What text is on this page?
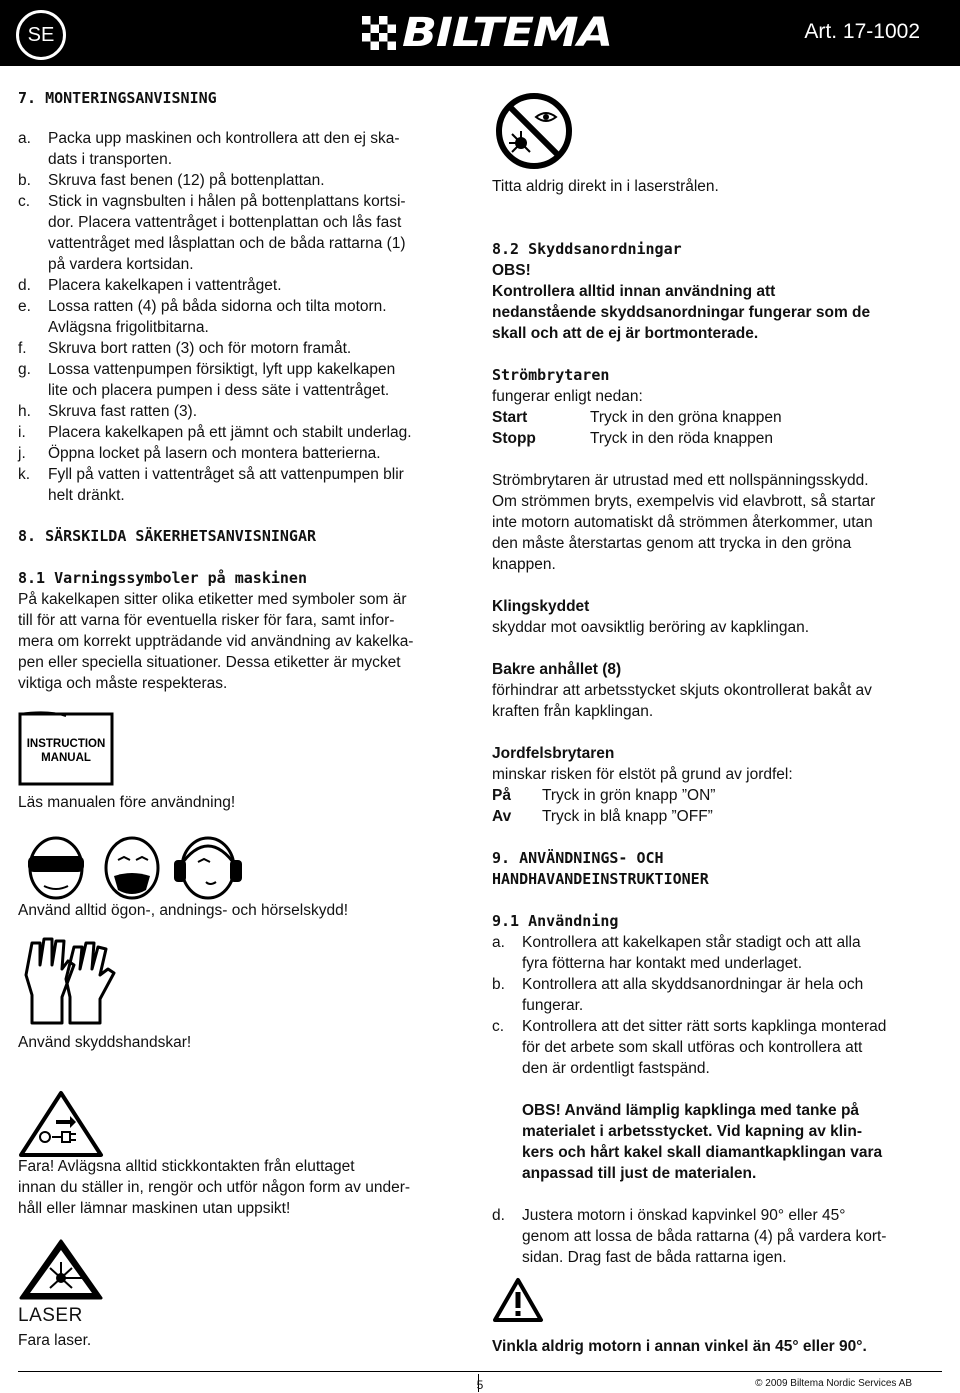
SE	BILTEMA	Art. 17-1002
7. MONTERINGSANVISNING
a.	Packa upp maskinen och kontrollera att den ej ska-
dats i transporten.
b.	Skruva fast benen (12) på bottenplattan.
c.	Stick in vagnsbulten i hålen på bottenplattans kortsi-
dor. Placera vattentråget i bottenplattan och lås fast
vattentråget med låsplattan och de båda rattarna (1)
på vardera kortsidan.
d.	Placera kakelkapen i vattentråget.
e.	Lossa ratten (4) på båda sidorna och tilta motorn.
Avlägsna frigolitbitarna.
f.	Skruva bort ratten (3) och för motorn framåt.
g.	Lossa vattenpumpen försiktigt, lyft upp kakelkapen
lite och placera pumpen i dess säte i vattentråget.
h.	Skruva fast ratten (3).
i.	Placera kakelkapen på ett jämnt och stabilt underlag.
j.	Öppna locket på lasern och montera batterierna.
k.	Fyll på vatten i vattentråget så att vattenpumpen blir
helt dränkt.
8. SÄRSKILDA SÄKERHETSANVISNINGAR
8.1 Varningssymboler på maskinen
På kakelkapen sitter olika etiketter med symboler som är
till för att varna för eventuella risker för fara, samt infor-
mera om korrekt uppträdande vid användning av kakelka-
pen eller speciella situationer. Dessa etiketter är mycket
viktiga och måste respekteras.
INSTRUCTION
MANUAL
Läs manualen före användning!
Använd alltid ögon-, andnings- och hörselskydd!
Använd skyddshandskar!
Fara! Avlägsna alltid stickkontakten från eluttaget
innan du ställer in, rengör och utför någon form av under-
håll eller lämnar maskinen utan uppsikt!
LASER
Fara laser.

Titta aldrig direkt in i laserstrålen.

8.2 Skyddsanordningar

OBS!

Kontrollera alltid innan användning att
nedanstående skyddsanordningar fungerar som de
skall och att de ej är bortmonterade.
Strömbrytaren

fungerar enligt nedan:

Start	Tryck in den gröna knappen
Stopp	Tryck in den röda knappen
Strömbrytaren är utrustad med ett nollspänningsskydd.
Om strömmen bryts, exempelvis vid elavbrott, så startar
inte motorn automatiskt då strömmen återkommer, utan
den måste återstartas genom att trycka in den gröna
knappen.

Klingskyddet

skyddar mot oavsiktlig beröring av kapklingan.

Bakre anhållet (8)

förhindrar att arbetsstycket skjuts okontrollerat bakåt av
kraften från kapklingan.

Jordfelsbrytaren

minskar risken för elstöt på grund av jordfel:

På	Tryck in grön knapp ”ON”
Av	Tryck in blå knapp ”OFF”
9. ANVÄNDNINGS- OCH
HANDHAVANDEINSTRUKTIONER
9.1 Användning
a.	Kontrollera att kakelkapen står stadigt och att alla
fyra fötterna har kontakt med underlaget.
b.	Kontrollera att alla skyddsanordningar är hela och
fungerar.
c.	Kontrollera att det sitter rätt sorts kapklinga monterad
för det arbete som skall utföras och kontrollera att
den är ordentligt fastspänd.
OBS! Använd lämplig kapklinga med tanke på
materialet i arbetsstycket. Vid kapning av klin-
kers och hårt kakel skall diamantkapklingan vara
anpassad till just de materialen.
d.	Justera motorn i önskad kapvinkel 90° eller 45°
genom att lossa de båda rattarna (4) på vardera kort-
sidan. Drag fast de båda rattarna igen.
Vinkla aldrig motorn i annan vinkel än 45° eller 90°.
5	© 2009 Biltema Nordic Services AB
